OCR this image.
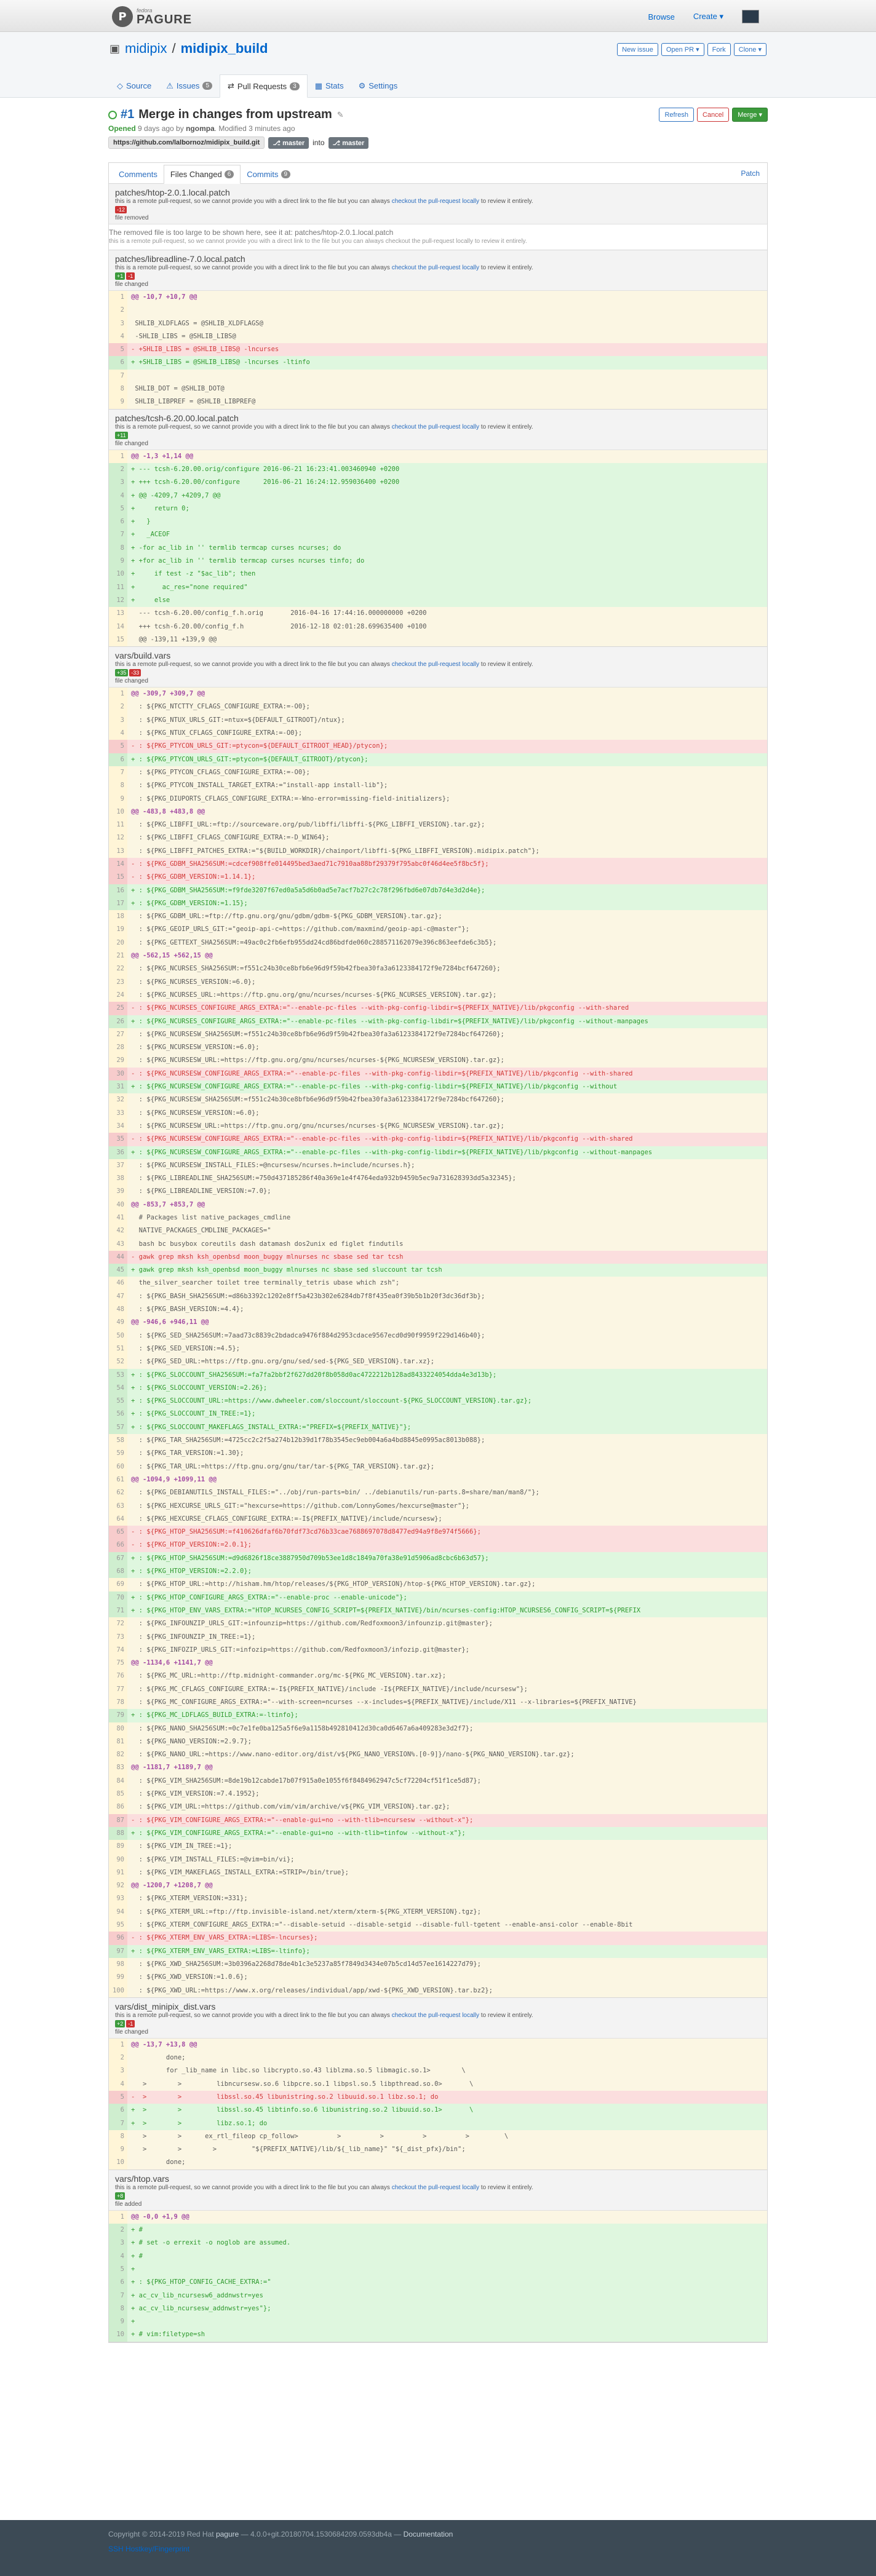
P	fedora
PAGURE	Browse Create ▾
▣ midipix / midipix_build	New issue	Open PR ▾	Fork	Clone ▾
◇ Source ⚠ Issues	5	⇄ Pull Requests	3	▦ Stats ⚙ Settings
#1 Merge in changes from upstream ✎	Refresh	Cancel	Merge ▾
Opened 9 days ago by ngompa. Modified 3 minutes ago
https://github.com/lalbornoz/midipix_build.git	⎇ master	into	⎇ master
Comments	Files Changed 6	Commits 9	Patch
patches/htop-2.0.1.local.patch
this is a remote pull-request, so we cannot provide you with a direct link to the file but you can always checkout the pull-request locally to review it entirely.
-12
file removed
The removed file is too large to be shown here, see it at: patches/htop-2.0.1.local.patch
this is a remote pull-request, so we cannot provide you with a direct link to the file but you can always checkout the pull-request locally to review it entirely.
patches/libreadline-7.0.local.patch
this is a remote pull-request, so we cannot provide you with a direct link to the file but you can always checkout the pull-request locally to review it entirely.
+1 -1
file changed
1	@@ -10,7 +10,7 @@
2
3	SHLIB_XLDFLAGS = @SHLIB_XLDFLAGS@
4	-SHLIB_LIBS = @SHLIB_LIBS@
5	- +SHLIB_LIBS = @SHLIB_LIBS@ -lncurses
6	+ +SHLIB_LIBS = @SHLIB_LIBS@ -lncurses -ltinfo
7
8	SHLIB_DOT = @SHLIB_DOT@
9	SHLIB_LIBPREF = @SHLIB_LIBPREF@
patches/tcsh-6.20.00.local.patch
this is a remote pull-request, so we cannot provide you with a direct link to the file but you can always checkout the pull-request locally to review it entirely.
+11
file changed
1	@@ -1,3 +1,14 @@
2	+ --- tcsh-6.20.00.orig/configure 2016-06-21 16:23:41.003460940 +0200
3	+ +++ tcsh-6.20.00/configure      2016-06-21 16:24:12.959036400 +0200
4	+ @@ -4209,7 +4209,7 @@
5	+     return 0;
6	+   }
7	+   _ACEOF
8	+ -for ac_lib in '' termlib termcap curses ncurses; do
9	+ +for ac_lib in '' termlib termcap curses ncurses tinfo; do
10	+     if test -z "$ac_lib"; then
11	+       ac_res="none required"
12	+     else
13	--- tcsh-6.20.00/config_f.h.orig       2016-04-16 17:44:16.000000000 +0200
14	+++ tcsh-6.20.00/config_f.h            2016-12-18 02:01:28.699635400 +0100
15	@@ -139,11 +139,9 @@
vars/build.vars
this is a remote pull-request, so we cannot provide you with a direct link to the file but you can always checkout the pull-request locally to review it entirely.
+35 -33
file changed
1	@@ -309,7 +309,7 @@
2	: ${PKG_NTCTTY_CFLAGS_CONFIGURE_EXTRA:=-O0};
3	: ${PKG_NTUX_URLS_GIT:=ntux=${DEFAULT_GITROOT}/ntux};
4	: ${PKG_NTUX_CFLAGS_CONFIGURE_EXTRA:=-O0};
5	- : ${PKG_PTYCON_URLS_GIT:=ptycon=${DEFAULT_GITROOT_HEAD}/ptycon};
6	+ : ${PKG_PTYCON_URLS_GIT:=ptycon=${DEFAULT_GITROOT}/ptycon};
7	: ${PKG_PTYCON_CFLAGS_CONFIGURE_EXTRA:=-O0};
8	: ${PKG_PTYCON_INSTALL_TARGET_EXTRA:="install-app install-lib"};
9	: ${PKG_DIUPORTS_CFLAGS_CONFIGURE_EXTRA:=-Wno-error=missing-field-initializers};
10	@@ -483,8 +483,8 @@
11	: ${PKG_LIBFFI_URL:=ftp://sourceware.org/pub/libffi/libffi-${PKG_LIBFFI_VERSION}.tar.gz};
12	: ${PKG_LIBFFI_CFLAGS_CONFIGURE_EXTRA:=-D_WIN64};
13	: ${PKG_LIBFFI_PATCHES_EXTRA:="${BUILD_WORKDIR}/chainport/libffi-${PKG_LIBFFI_VERSION}.midipix.patch"};
14	- : ${PKG_GDBM_SHA256SUM:=cdcef908ffe014495bed3aed71c7910aa88bf29379f795abc0f46d4ee5f8bc5f};
15	- : ${PKG_GDBM_VERSION:=1.14.1};
16	+ : ${PKG_GDBM_SHA256SUM:=f9fde3207f67ed0a5a5d6b0ad5e7acf7b27c2c78f296fbd6e07db7d4e3d2d4e};
17	+ : ${PKG_GDBM_VERSION:=1.15};
18	: ${PKG_GDBM_URL:=ftp://ftp.gnu.org/gnu/gdbm/gdbm-${PKG_GDBM_VERSION}.tar.gz};
19	: ${PKG_GEOIP_URLS_GIT:="geoip-api-c=https://github.com/maxmind/geoip-api-c@master"};
20	: ${PKG_GETTEXT_SHA256SUM:=49ac0c2fb6efb955dd24cd86bdfde060c288571162079e396c863eefde6c3b5};
21	@@ -562,15 +562,15 @@
22	: ${PKG_NCURSES_SHA256SUM:=f551c24b30ce8bfb6e96d9f59b42fbea30fa3a6123384172f9e7284bcf647260};
23	: ${PKG_NCURSES_VERSION:=6.0};
24	: ${PKG_NCURSES_URL:=https://ftp.gnu.org/gnu/ncurses/ncurses-${PKG_NCURSES_VERSION}.tar.gz};
25	- : ${PKG_NCURSES_CONFIGURE_ARGS_EXTRA:="--enable-pc-files --with-pkg-config-libdir=${PREFIX_NATIVE}/lib/pkgconfig --with-shared
26	+ : ${PKG_NCURSES_CONFIGURE_ARGS_EXTRA:="--enable-pc-files --with-pkg-config-libdir=${PREFIX_NATIVE}/lib/pkgconfig --without-manpages
27	: ${PKG_NCURSESW_SHA256SUM:=f551c24b30ce8bfb6e96d9f59b42fbea30fa3a6123384172f9e7284bcf647260};
28	: ${PKG_NCURSESW_VERSION:=6.0};
29	: ${PKG_NCURSESW_URL:=https://ftp.gnu.org/gnu/ncurses/ncurses-${PKG_NCURSESW_VERSION}.tar.gz};
30	- : ${PKG_NCURSESW_CONFIGURE_ARGS_EXTRA:="--enable-pc-files --with-pkg-config-libdir=${PREFIX_NATIVE}/lib/pkgconfig --with-shared
31	+ : ${PKG_NCURSESW_CONFIGURE_ARGS_EXTRA:="--enable-pc-files --with-pkg-config-libdir=${PREFIX_NATIVE}/lib/pkgconfig --without
32	: ${PKG_NCURSESW_SHA256SUM:=f551c24b30ce8bfb6e96d9f59b42fbea30fa3a6123384172f9e7284bcf647260};
33	: ${PKG_NCURSESW_VERSION:=6.0};
34	: ${PKG_NCURSESW_URL:=https://ftp.gnu.org/gnu/ncurses/ncurses-${PKG_NCURSESW_VERSION}.tar.gz};
35	- : ${PKG_NCURSESW_CONFIGURE_ARGS_EXTRA:="--enable-pc-files --with-pkg-config-libdir=${PREFIX_NATIVE}/lib/pkgconfig --with-shared
36	+ : ${PKG_NCURSESW_CONFIGURE_ARGS_EXTRA:="--enable-pc-files --with-pkg-config-libdir=${PREFIX_NATIVE}/lib/pkgconfig --without-manpages
37	: ${PKG_NCURSESW_INSTALL_FILES:=@ncursesw/ncurses.h=include/ncurses.h};
38	: ${PKG_LIBREADLINE_SHA256SUM:=750d437185286f40a369e1e4f4764eda932b9459b5ec9a731628393dd5a32345};
39	: ${PKG_LIBREADLINE_VERSION:=7.0};
40	@@ -853,7 +853,7 @@
41	# Packages list native_packages_cmdline
42	NATIVE_PACKAGES_CMDLINE_PACKAGES="
43	bash bc busybox coreutils dash datamash dos2unix ed figlet findutils
44	- gawk grep mksh ksh_openbsd moon_buggy mlnurses nc sbase sed tar tcsh
45	+ gawk grep mksh ksh_openbsd moon_buggy mlnurses nc sbase sed sluccount tar tcsh
46	the_silver_searcher toilet tree terminally_tetris ubase which zsh";
47	: ${PKG_BASH_SHA256SUM:=d86b3392c1202e8ff5a423b302e6284db7f8f435ea0f39b5b1b20f3dc36df3b};
48	: ${PKG_BASH_VERSION:=4.4};
49	@@ -946,6 +946,11 @@
50	: ${PKG_SED_SHA256SUM:=7aad73c8839c2bdadca9476f884d2953cdace9567ecd0d90f9959f229d146b40};
51	: ${PKG_SED_VERSION:=4.5};
52	: ${PKG_SED_URL:=https://ftp.gnu.org/gnu/sed/sed-${PKG_SED_VERSION}.tar.xz};
53	+ : ${PKG_SLOCCOUNT_SHA256SUM:=fa7fa2bbf2f627dd20f8b058d0ac4722212b128ad8433224054dda4e3d13b};
54	+ : ${PKG_SLOCCOUNT_VERSION:=2.26};
55	+ : ${PKG_SLOCCOUNT_URL:=https://www.dwheeler.com/sloccount/sloccount-${PKG_SLOCCOUNT_VERSION}.tar.gz};
56	+ : ${PKG_SLOCCOUNT_IN_TREE:=1};
57	+ : ${PKG_SLOCCOUNT_MAKEFLAGS_INSTALL_EXTRA:="PREFIX=${PREFIX_NATIVE}"};
58	: ${PKG_TAR_SHA256SUM:=4725cc2c2f5a274b12b39d1f78b3545ec9eb004a6a4bd8845e0995ac8013b088};
59	: ${PKG_TAR_VERSION:=1.30};
60	: ${PKG_TAR_URL:=https://ftp.gnu.org/gnu/tar/tar-${PKG_TAR_VERSION}.tar.gz};
61	@@ -1094,9 +1099,11 @@
62	: ${PKG_DEBIANUTILS_INSTALL_FILES:="../obj/run-parts=bin/ ../debianutils/run-parts.8=share/man/man8/"};
63	: ${PKG_HEXCURSE_URLS_GIT:="hexcurse=https://github.com/LonnyGomes/hexcurse@master"};
64	: ${PKG_HEXCURSE_CFLAGS_CONFIGURE_EXTRA:=-I${PREFIX_NATIVE}/include/ncursesw};
65	- : ${PKG_HTOP_SHA256SUM:=f410626dfaf6b70fdf73cd76b33cae7688697078d8477ed94a9f8e974f5666};
66	- : ${PKG_HTOP_VERSION:=2.0.1};
67	+ : ${PKG_HTOP_SHA256SUM:=d9d6826f18ce3887950d709b53ee1d8c1849a70fa38e91d5906ad8cbc6b63d57};
68	+ : ${PKG_HTOP_VERSION:=2.2.0};
69	: ${PKG_HTOP_URL:=http://hisham.hm/htop/releases/${PKG_HTOP_VERSION}/htop-${PKG_HTOP_VERSION}.tar.gz};
70	+ : ${PKG_HTOP_CONFIGURE_ARGS_EXTRA:="--enable-proc --enable-unicode"};
71	+ : ${PKG_HTOP_ENV_VARS_EXTRA:="HTOP_NCURSES_CONFIG_SCRIPT=${PREFIX_NATIVE}/bin/ncurses-config:HTOP_NCURSES6_CONFIG_SCRIPT=${PREFIX
72	: ${PKG_INFOUNZIP_URLS_GIT:=infounzip=https://github.com/Redfoxmoon3/infounzip.git@master};
73	: ${PKG_INFOUNZIP_IN_TREE:=1};
74	: ${PKG_INFOZIP_URLS_GIT:=infozip=https://github.com/Redfoxmoon3/infozip.git@master};
75	@@ -1134,6 +1141,7 @@
76	: ${PKG_MC_URL:=http://ftp.midnight-commander.org/mc-${PKG_MC_VERSION}.tar.xz};
77	: ${PKG_MC_CFLAGS_CONFIGURE_EXTRA:=-I${PREFIX_NATIVE}/include -I${PREFIX_NATIVE}/include/ncursesw"};
78	: ${PKG_MC_CONFIGURE_ARGS_EXTRA:="--with-screen=ncurses --x-includes=${PREFIX_NATIVE}/include/X11 --x-libraries=${PREFIX_NATIVE}
79	+ : ${PKG_MC_LDFLAGS_BUILD_EXTRA:=-ltinfo};
80	: ${PKG_NANO_SHA256SUM:=0c7e1fe0ba125a5f6e9a1158b492810412d30ca0d6467a6a409283e3d2f7};
81	: ${PKG_NANO_VERSION:=2.9.7};
82	: ${PKG_NANO_URL:=https://www.nano-editor.org/dist/v${PKG_NANO_VERSION%.[0-9]}/nano-${PKG_NANO_VERSION}.tar.gz};
83	@@ -1181,7 +1189,7 @@
84	: ${PKG_VIM_SHA256SUM:=8de19b12cabde17b07f915a0e1055f6f8484962947c5cf72204cf51f1ce5d87};
85	: ${PKG_VIM_VERSION:=7.4.1952};
86	: ${PKG_VIM_URL:=https://github.com/vim/vim/archive/v${PKG_VIM_VERSION}.tar.gz};
87	- : ${PKG_VIM_CONFIGURE_ARGS_EXTRA:="--enable-gui=no --with-tlib=ncursesw --without-x"};
88	+ : ${PKG_VIM_CONFIGURE_ARGS_EXTRA:="--enable-gui=no --with-tlib=tinfow --without-x"};
89	: ${PKG_VIM_IN_TREE:=1};
90	: ${PKG_VIM_INSTALL_FILES:=@vim=bin/vi};
91	: ${PKG_VIM_MAKEFLAGS_INSTALL_EXTRA:=STRIP=/bin/true};
92	@@ -1200,7 +1208,7 @@
93	: ${PKG_XTERM_VERSION:=331};
94	: ${PKG_XTERM_URL:=ftp://ftp.invisible-island.net/xterm/xterm-${PKG_XTERM_VERSION}.tgz};
95	: ${PKG_XTERM_CONFIGURE_ARGS_EXTRA:="--disable-setuid --disable-setgid --disable-full-tgetent --enable-ansi-color --enable-8bit
96	- : ${PKG_XTERM_ENV_VARS_EXTRA:=LIBS=-lncurses};
97	+ : ${PKG_XTERM_ENV_VARS_EXTRA:=LIBS=-ltinfo};
98	: ${PKG_XWD_SHA256SUM:=3b0396a2268d78de4b1c3e5237a85f7849d3434e07b5cd14d57ee1614227d79};
99	: ${PKG_XWD_VERSION:=1.0.6};
100	: ${PKG_XWD_URL:=https://www.x.org/releases/individual/app/xwd-${PKG_XWD_VERSION}.tar.bz2};
vars/dist_minipix_dist.vars
this is a remote pull-request, so we cannot provide you with a direct link to the file but you can always checkout the pull-request locally to review it entirely.
+2 -1
file changed
1	@@ -13,7 +13,8 @@
2	done;
3	for _lib_name in libc.so libcrypto.so.43 liblzma.so.5 libmagic.so.1>        \
4	>        >         libncursesw.so.6 libpcre.so.1 libpsl.so.5 libpthread.so.0>       \
5	-  >        >         libssl.so.45 libunistring.so.2 libuuid.so.1 libz.so.1; do
6	+  >        >         libssl.so.45 libtinfo.so.6 libunistring.so.2 libuuid.so.1>       \
7	+  >        >         libz.so.1; do
8	>        >      ex_rtl_fileop cp_follow>          >          >          >          >         \
9	>        >        >         "${PREFIX_NATIVE}/lib/${_lib_name}" "${_dist_pfx}/bin";
10	done;
vars/htop.vars
this is a remote pull-request, so we cannot provide you with a direct link to the file but you can always checkout the pull-request locally to review it entirely.
+8
file added
1	@@ -0,0 +1,9 @@
2	+ #
3	+ # set -o errexit -o noglob are assumed.
4	+ #
5	+
6	+ : ${PKG_HTOP_CONFIG_CACHE_EXTRA:="
7	+ ac_cv_lib_ncursesw6_addnwstr=yes
8	+ ac_cv_lib_ncursesw_addnwstr=yes"};
9	+
10	+ # vim:filetype=sh
Copyright © 2014-2019 Red Hat pagure — 4.0.0+git.20180704.1530684209.0593db4a — Documentation
SSH Hostkey/Fingerprint
